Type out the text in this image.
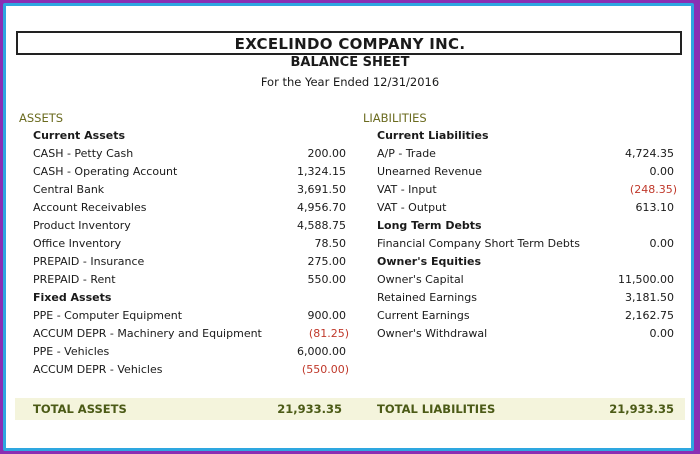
EXCELINDO COMPANY INC.
BALANCE SHEET
For the Year Ended 12/31/2016
ASSETS
Current Assets
CASH - Petty Cash	200.00
CASH - Operating Account	1,324.15
Central Bank	3,691.50
Account Receivables	4,956.70
Product Inventory	4,588.75
Office Inventory	78.50
PREPAID - Insurance	275.00
PREPAID - Rent	550.00
Fixed Assets
PPE - Computer Equipment	900.00
ACCUM DEPR - Machinery and Equipment	(81.25)
PPE - Vehicles	6,000.00
ACCUM DEPR - Vehicles	(550.00)
LIABILITIES
Current Liabilities
A/P - Trade	4,724.35
Unearned Revenue	0.00
VAT - Input	(248.35)
VAT - Output	613.10
Long Term Debts
Financial Company Short Term Debts	0.00
Owner's Equities
Owner's Capital	11,500.00
Retained Earnings	3,181.50
Current Earnings	2,162.75
Owner's Withdrawal	0.00
TOTAL ASSETS	21,933.35	TOTAL LIABILITIES	21,933.35
